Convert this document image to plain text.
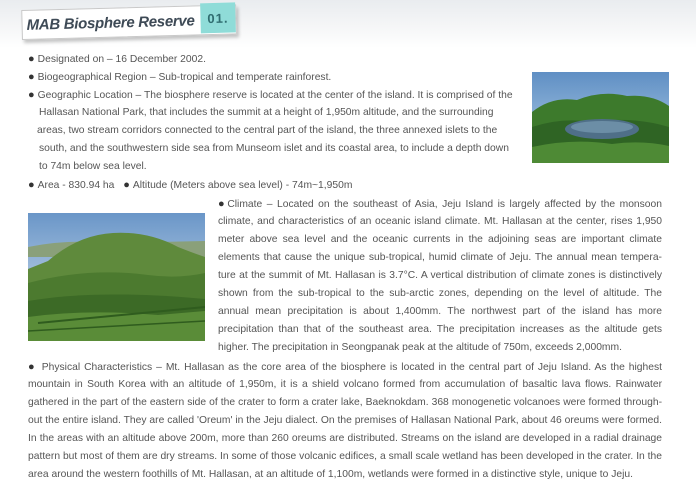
MAB Biosphere Reserve 01.
● Designated on – 16 December 2002.
● Biogeographical Region – Sub-tropical and temperate rainforest.
● Geographic Location – The biosphere reserve is located at the center of the island. It is comprised of the
Hallasan National Park, that includes the summit at a height of 1,950m altitude, and the surrounding
areas, two stream corridors connected to the central part of the island, the three annexed islets to the
south, and the southwestern side sea from Munseom islet and its coastal area, to include a depth down
to 74m below sea level.
● Area - 830.94 ha ● Altitude (Meters above sea level) - 74m~1,950m
●Climate – Located on the southeast of Asia, Jeju Island is largely affected by the monsoon
climate, and characteristics of an oceanic island climate. Mt. Hallasan at the center, rises 1,950
meter above sea level and the oceanic currents in the adjoining seas are important climate
elements that cause the unique sub-tropical, humid climate of Jeju. The annual mean tempera-
ture at the summit of Mt. Hallasan is 3.7°C. A vertical distribution of climate zones is distinctively
shown from the sub-tropical to the sub-arctic zones, depending on the level of altitude. The
annual mean precipitation is about 1,400mm. The northwest part of the island has more
precipitation than that of the southeast area. The precipitation increases as the altitude gets
higher. The precipitation in Seongpanak peak at the altitude of 750m, exceeds 2,000mm.
● Physical Characteristics – Mt. Hallasan as the core area of the biosphere is located in the central part of Jeju Island. As the highest
mountain in South Korea with an altitude of 1,950m, it is a shield volcano formed from accumulation of basaltic lava flows. Rainwater
gathered in the part of the eastern side of the crater to form a crater lake, Baeknokdam. 368 monogenetic volcanoes were formed through-
out the entire island. They are called 'Oreum' in the Jeju dialect. On the premises of Hallasan National Park, about 46 oreums were formed.
In the areas with an altitude above 200m, more than 260 oreums are distributed. Streams on the island are developed in a radial drainage
pattern but most of them are dry streams. In some of those volcanic edifices, a small scale wetland has been developed in the crater. In the
area around the western foothills of Mt. Hallasan, at an altitude of 1,100m, wetlands were formed in a distinctive style, unique to Jeju.
